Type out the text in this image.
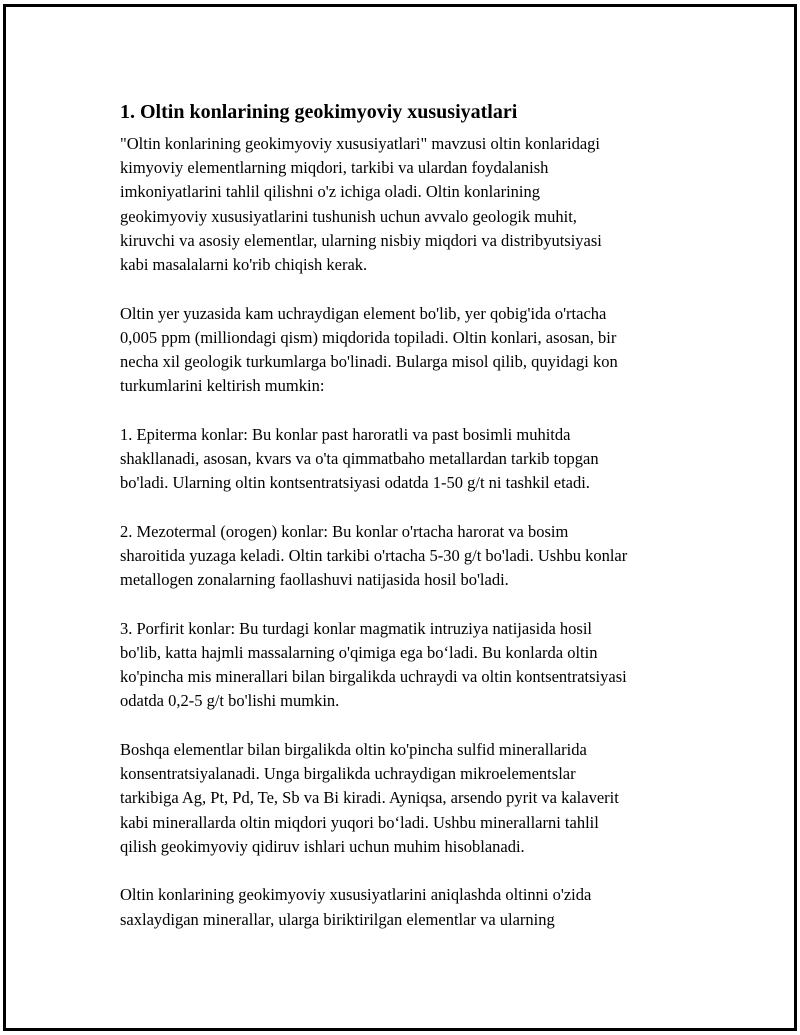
1. Oltin konlarining geokimyoviy xususiyatlari
"Oltin konlarining geokimyoviy xususiyatlari" mavzusi oltin konlaridagi
kimyoviy elementlarning miqdori, tarkibi va ulardan foydalanish
imkoniyatlarini tahlil qilishni o'z ichiga oladi. Oltin konlarining
geokimyoviy xususiyatlarini tushunish uchun avvalo geologik muhit,
kiruvchi va asosiy elementlar, ularning nisbiy miqdori va distribyutsiyasi
kabi masalalarni ko'rib chiqish kerak.
Oltin yer yuzasida kam uchraydigan element bo'lib, yer qobig'ida o'rtacha
0,005 ppm (milliondagi qism) miqdorida topiladi. Oltin konlari, asosan, bir
necha xil geologik turkumlarga bo'linadi. Bularga misol qilib, quyidagi kon
turkumlarini keltirish mumkin:
1. Epiterma konlar: Bu konlar past haroratli va past bosimli muhitda
shakllanadi, asosan, kvars va o'ta qimmatbaho metallardan tarkib topgan
bo'ladi. Ularning oltin kontsentratsiyasi odatda 1-50 g/t ni tashkil etadi.
2. Mezotermal (orogen) konlar: Bu konlar o'rtacha harorat va bosim
sharoitida yuzaga keladi. Oltin tarkibi o'rtacha 5-30 g/t bo'ladi. Ushbu konlar
metallogen zonalarning faollashuvi natijasida hosil bo'ladi.
3. Porfirit konlar: Bu turdagi konlar magmatik intruziya natijasida hosil
bo'lib, katta hajmli massalarning o'qimiga ega bo‘ladi. Bu konlarda oltin
ko'pincha mis minerallari bilan birgalikda uchraydi va oltin kontsentratsiyasi
odatda 0,2-5 g/t bo'lishi mumkin.
Boshqa elementlar bilan birgalikda oltin ko'pincha sulfid minerallarida
konsentratsiyalanadi. Unga birgalikda uchraydigan mikroelementslar
tarkibiga Ag, Pt, Pd, Te, Sb va Bi kiradi. Ayniqsa, arsendo pyrit va kalaverit
kabi minerallarda oltin miqdori yuqori bo‘ladi. Ushbu minerallarni tahlil
qilish geokimyoviy qidiruv ishlari uchun muhim hisoblanadi.
Oltin konlarining geokimyoviy xususiyatlarini aniqlashda oltinni o'zida
saxlaydigan minerallar, ularga biriktirilgan elementlar va ularning
